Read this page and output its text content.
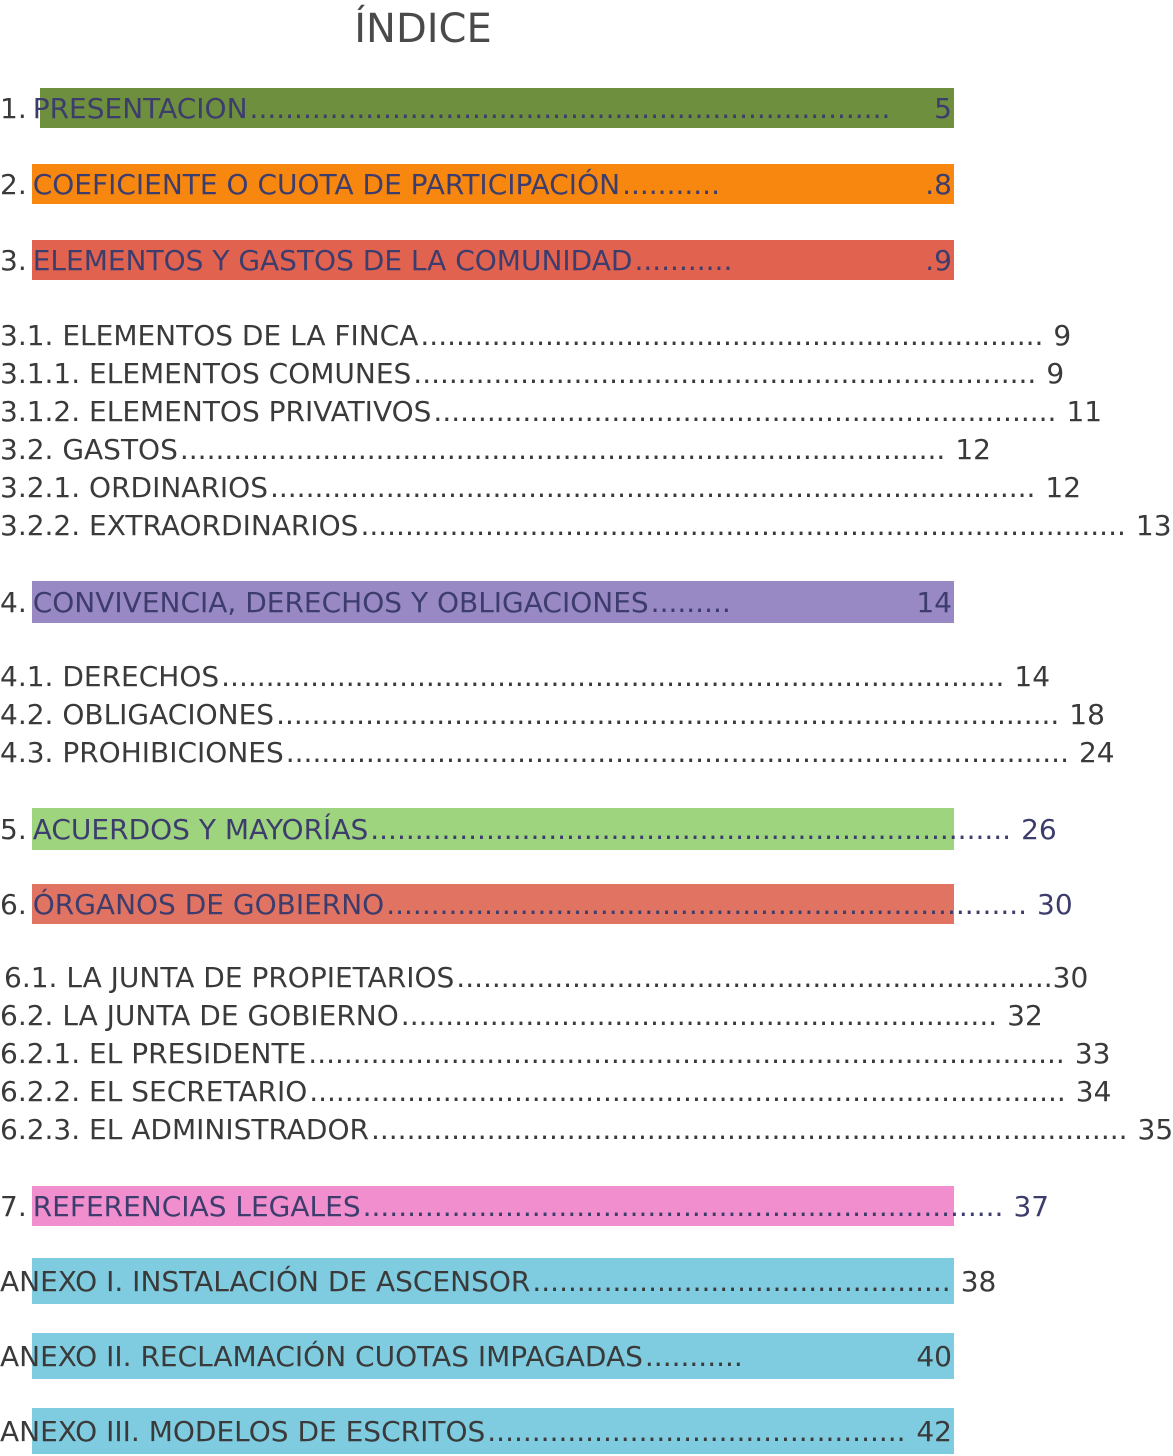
ÍNDICE
1. PRESENTACION ........................................................................	5
2. COEFICIENTE O CUOTA DE PARTICIPACIÓN ...........	.8
3. ELEMENTOS Y GASTOS DE LA COMUNIDAD ...........	.9
3.1. ELEMENTOS DE LA FINCA ...................................................................... 9
3.1.1. ELEMENTOS COMUNES ...................................................................... 9
3.1.2. ELEMENTOS PRIVATIVOS ...................................................................... 11
3.2. GASTOS ...................................................................................... 12
3.2.1. ORDINARIOS ...................................................................................... 12
3.2.2. EXTRAORDINARIOS ...................................................................................... 13
4. CONVIVENCIA, DERECHOS Y OBLIGACIONES .........	14
4.1. DERECHOS ........................................................................................ 14
4.2. OBLIGACIONES ........................................................................................ 18
4.3. PROHIBICIONES ........................................................................................ 24
5. ACUERDOS Y MAYORÍAS ........................................................................ 26
6. ÓRGANOS DE GOBIERNO ........................................................................ 30
6.1. LA JUNTA DE PROPIETARIOS ................................................................... 30
6.2. LA JUNTA DE GOBIERNO ................................................................... 32
6.2.1. EL PRESIDENTE ..................................................................................... 33
6.2.2. EL SECRETARIO ..................................................................................... 34
6.2.3. EL ADMINISTRADOR ..................................................................................... 35
7. REFERENCIAS LEGALES ........................................................................ 37
ANEXO I. INSTALACIÓN DE ASCENSOR ............................................... 38
ANEXO II. RECLAMACIÓN CUOTAS IMPAGADAS ...........	40
ANEXO III. MODELOS DE ESCRITOS ............................................... 42
